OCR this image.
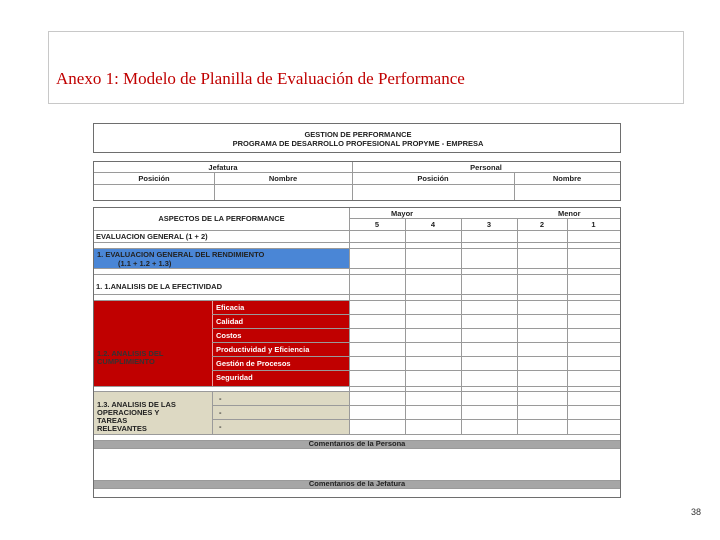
Anexo 1: Modelo de Planilla de Evaluación de Performance
GESTION DE PERFORMANCE
PROGRAMA DE DESARROLLO PROFESIONAL PROPYME - EMPRESA
Jefatura	Personal
Posición	Nombre	Posición	Nombre
ASPECTOS DE LA PERFORMANCE
Mayor	Menor
5	4	3	2	1
EVALUACION GENERAL (1 + 2)
1. EVALUACION GENERAL DEL RENDIMIENTO
(1.1 + 1.2 + 1.3)
1. 1.ANALISIS DE LA EFECTIVIDAD
1.2. ANALISIS DEL
CUMPLIMIENTO
Eficacia
Calidad
Costos
Productividad y Eficiencia
Gestión de Procesos
Seguridad
1.3. ANALISIS DE LAS
OPERACIONES Y
TAREAS
RELEVANTES
-
-
-
Comentarios de la Persona
Comentarios de la Jefatura
38
